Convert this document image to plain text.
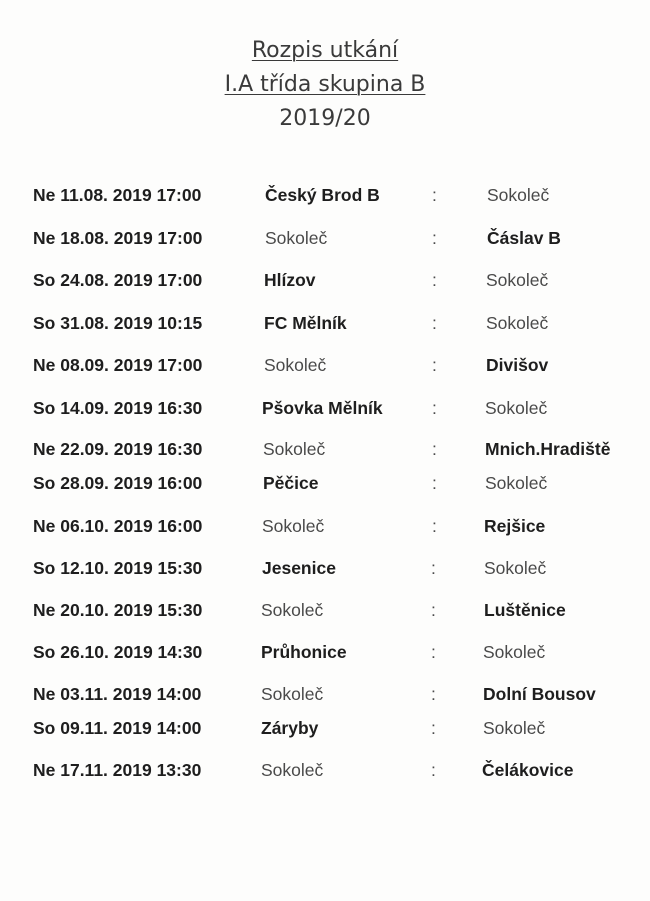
Rozpis utkání
I.A třída skupina B
2019/20
Ne 11.08. 2019 17:00	Český Brod B	:	Sokoleč
Ne 18.08. 2019 17:00	Sokoleč	:	Čáslav B
So 24.08. 2019 17:00	Hlízov	:	Sokoleč
So 31.08. 2019 10:15	FC Mělník	:	Sokoleč
Ne 08.09. 2019 17:00	Sokoleč	:	Divišov
So 14.09. 2019 16:30	Pšovka Mělník	:	Sokoleč
Ne 22.09. 2019 16:30	Sokoleč	:	Mnich.Hradiště
So 28.09. 2019 16:00	Pěčice	:	Sokoleč
Ne 06.10. 2019 16:00	Sokoleč	:	Rejšice
So 12.10. 2019 15:30	Jesenice	:	Sokoleč
Ne 20.10. 2019 15:30	Sokoleč	:	Luštěnice
So 26.10. 2019 14:30	Průhonice	:	Sokoleč
Ne 03.11. 2019 14:00	Sokoleč	:	Dolní Bousov
So 09.11. 2019 14:00	Záryby	:	Sokoleč
Ne 17.11. 2019 13:30	Sokoleč	:	Čelákovice
